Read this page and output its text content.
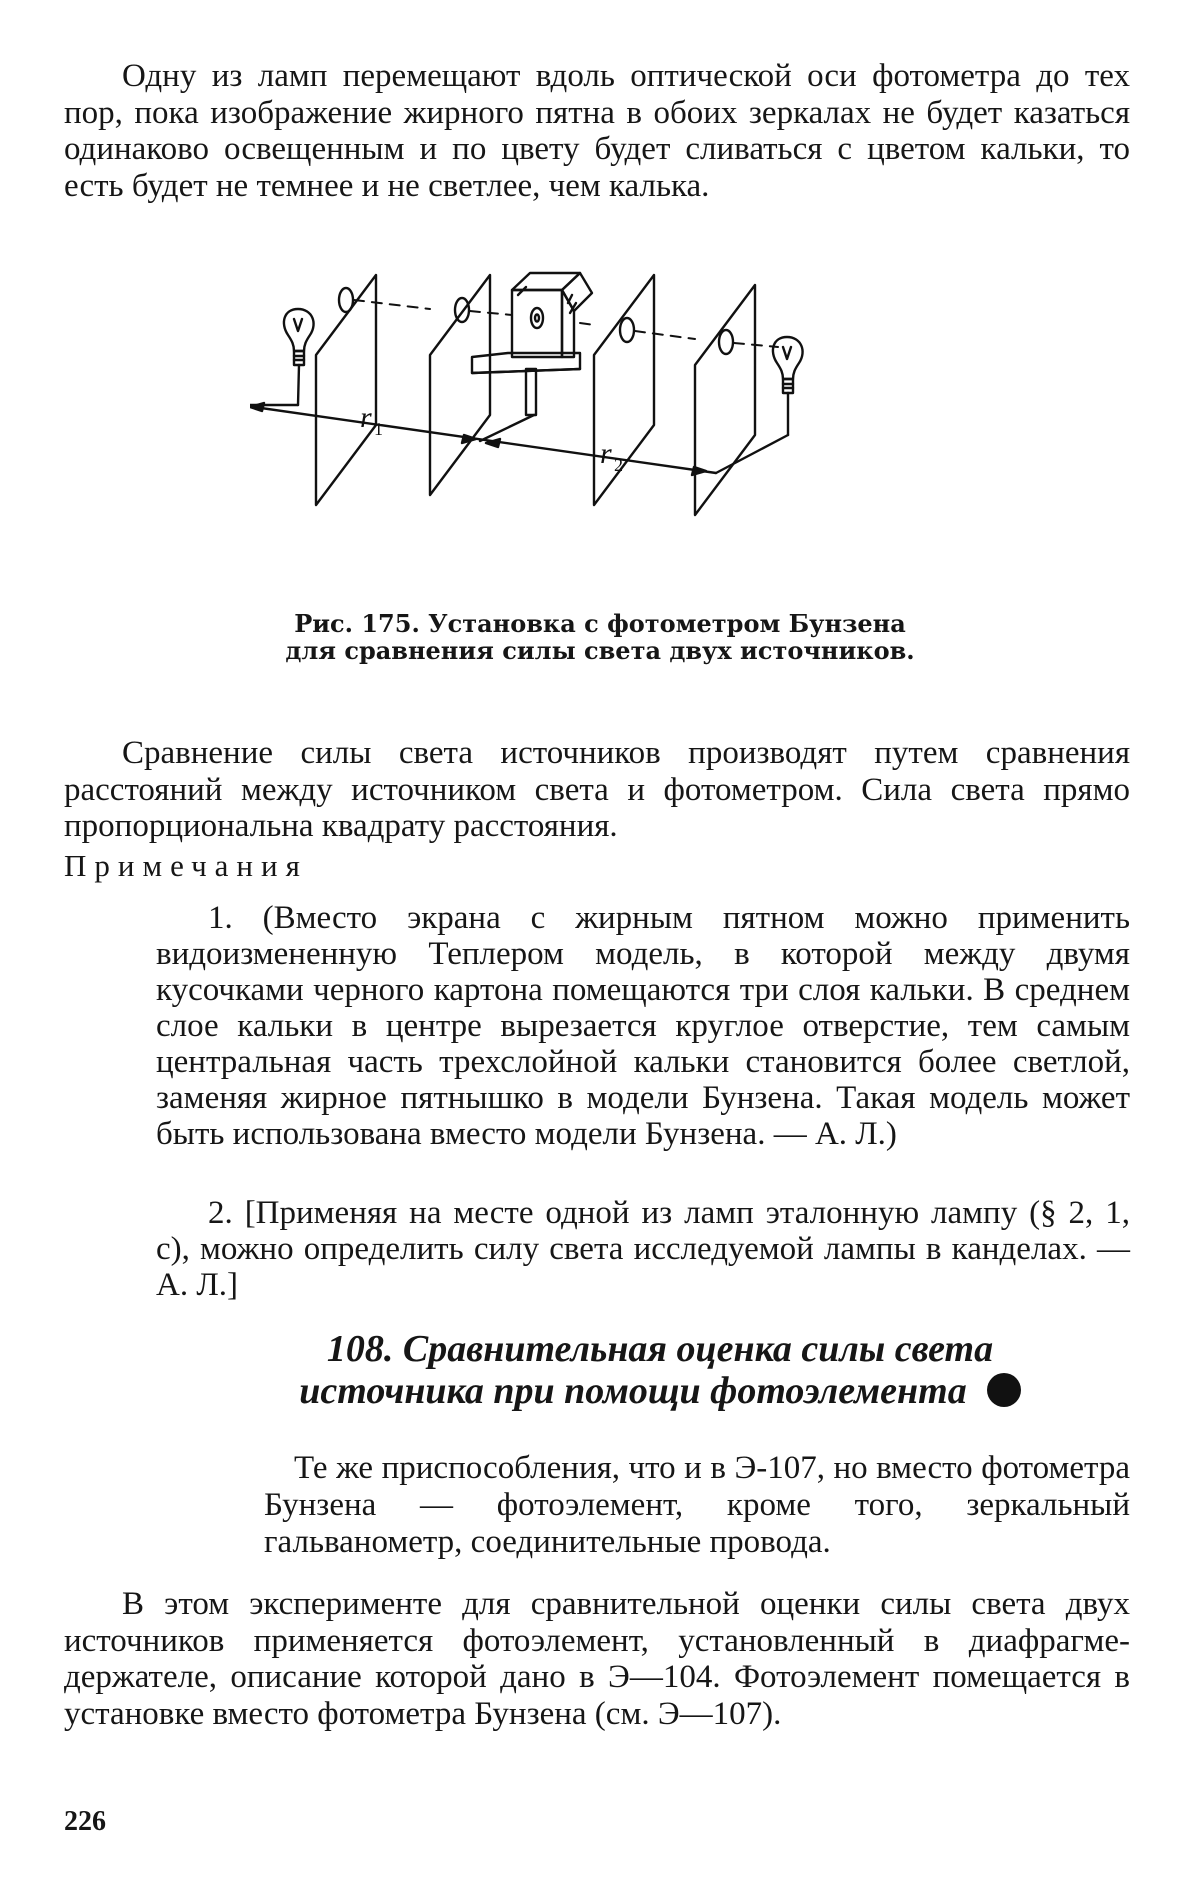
Одну из ламп перемещают вдоль оптической оси фотометра до тех пор, пока изображение жирного пятна в обоих зеркалах не будет казаться одинаково освещенным и по цвету будет сливаться с цветом кальки, то есть будет не темнее и не светлее, чем калька.

r 1
r 2
Рис. 175. Установка с фотометром Бунзена
для сравнения силы света двух источников.

Сравнение силы света источников производят путем сравнения расстояний между источником света и фотометром. Сила света прямо пропорциональна квадрату расстояния.

Примечания

1. (Вместо экрана с жирным пятном можно применить видоизмененную Теплером модель, в которой между двумя кусочками черного картона помещаются три слоя кальки. В среднем слое кальки в центре вырезается круглое отверстие, тем самым центральная часть трехслойной кальки становится более светлой, заменяя жирное пятнышко в модели Бунзена. Такая модель может быть использована вместо модели Бунзена. — А. Л.)

2. [Применяя на месте одной из ламп эталонную лампу (§ 2, 1, с), можно определить силу света исследуемой лампы в канделах. — А. Л.]

108. Сравнительная оценка силы света
источника при помощи фотоэлемента

Те же приспособления, что и в Э-107, но вместо фотометра Бунзена — фотоэлемент, кроме того, зеркальный гальванометр, соединительные провода.

В этом эксперименте для сравнительной оценки силы света двух источников применяется фотоэлемент, установленный в диафрагме-держателе, описание которой дано в Э—104. Фотоэлемент помещается в установке вместо фотометра Бунзена (см. Э—107).

226
